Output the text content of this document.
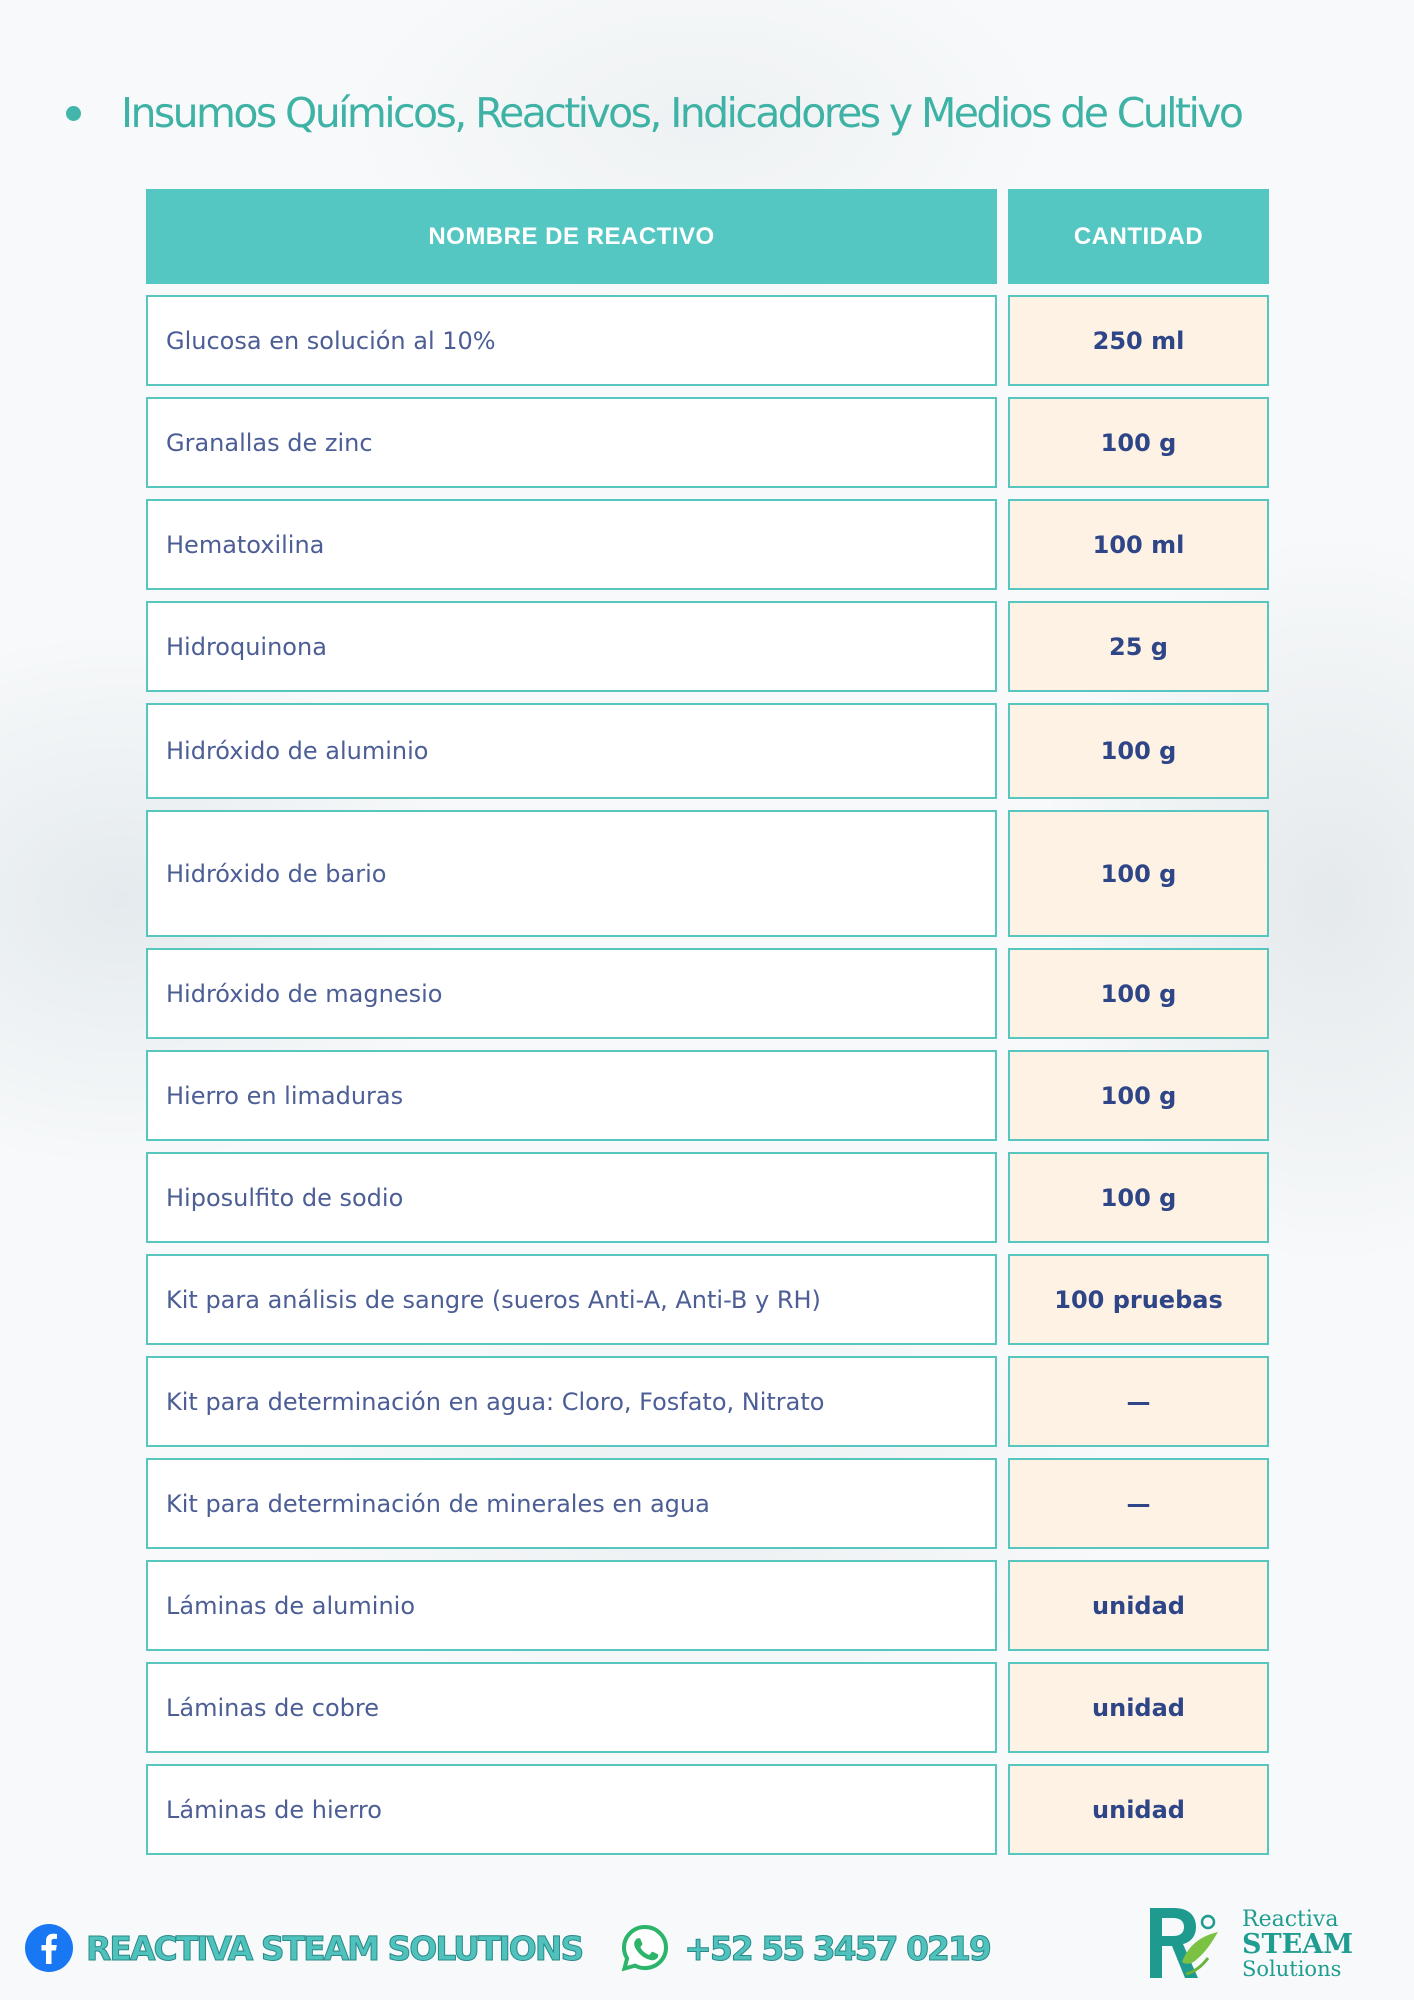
Insumos Químicos, Reactivos, Indicadores y Medios de Cultivo
NOMBRE DE REACTIVO	CANTIDAD
Glucosa en solución al 10%	250 ml
Granallas de zinc	100 g
Hematoxilina	100 ml
Hidroquinona	25 g
Hidróxido de aluminio	100 g
Hidróxido de bario	100 g
Hidróxido de magnesio	100 g
Hierro en limaduras	100 g
Hiposulfito de sodio	100 g
Kit para análisis de sangre (sueros Anti-A, Anti-B y RH)	100 pruebas
Kit para determinación en agua: Cloro, Fosfato, Nitrato	—
Kit para determinación de minerales en agua	—
Láminas de aluminio	unidad
Láminas de cobre	unidad
Láminas de hierro	unidad
REACTIVA STEAM SOLUTIONS	+52 55 3457 0219
Reactiva
STEAM
Solutions
